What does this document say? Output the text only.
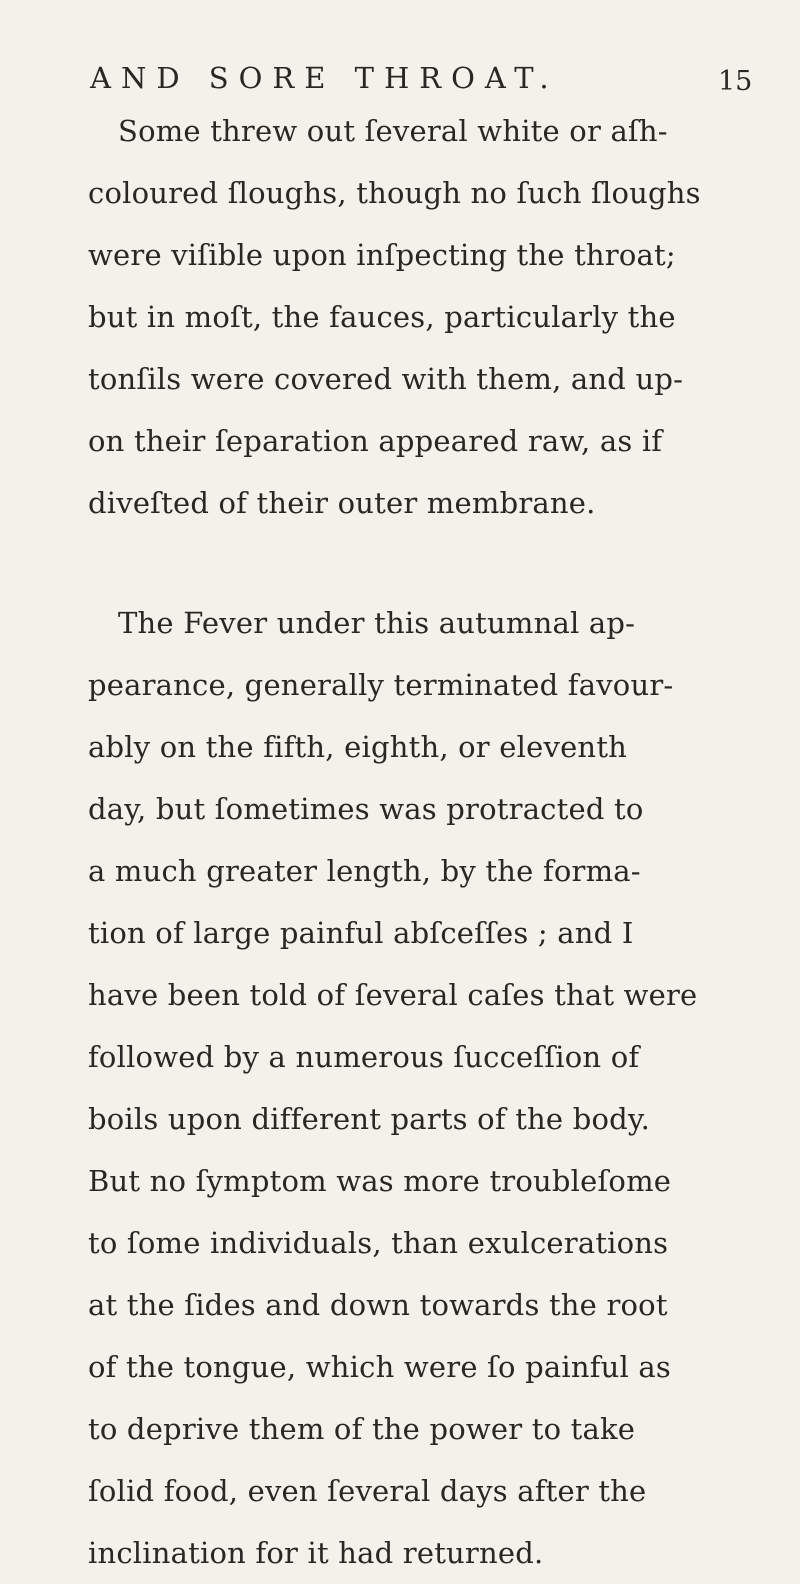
AND SORE THROAT.	15
Some threw out ſeveral white or aſh-
coloured ſloughs, though no ſuch ſloughs
were viſible upon inſpecting the throat;
but in moſt, the fauces, particularly the
tonſils were covered with them, and up-
on their ſeparation appeared raw, as if
diveſted of their outer membrane.
The Fever under this autumnal ap-
pearance, generally terminated favour-
ably on the fifth, eighth, or eleventh
day, but ſometimes was protracted to
a much greater length, by the forma-
tion of large painful abſceſſes ; and I
have been told of ſeveral caſes that were
followed by a numerous ſucceſſion of
boils upon different parts of the body.
But no ſymptom was more troubleſome
to ſome individuals, than exulcerations
at the ſides and down towards the root
of the tongue, which were ſo painful as
to deprive them of the power to take
ſolid food, even ſeveral days after the
inclination for it had returned.
